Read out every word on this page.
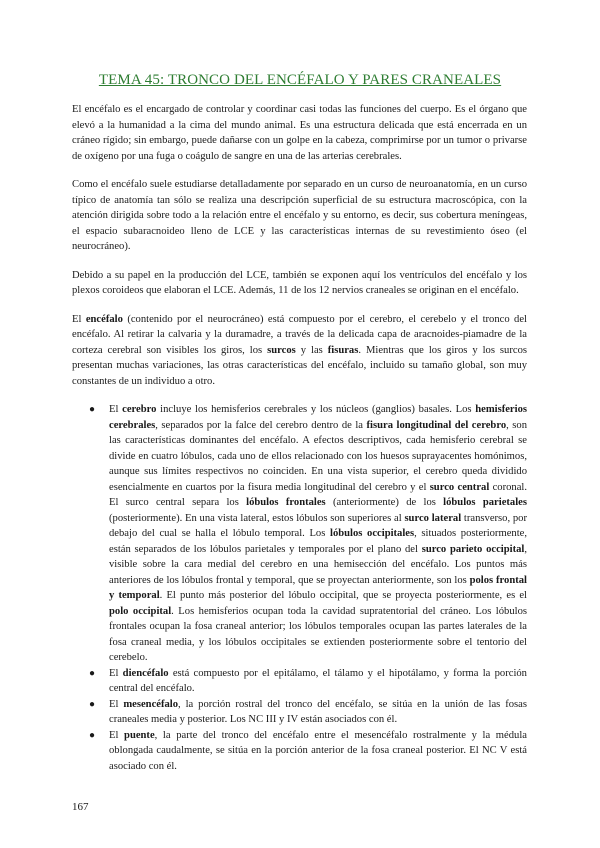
TEMA 45: TRONCO DEL ENCÉFALO Y PARES CRANEALES

El encéfalo es el encargado de controlar y coordinar casi todas las funciones del cuerpo. Es el órgano que elevó a la humanidad a la cima del mundo animal. Es una estructura delicada que está encerrada en un cráneo rígido; sin embargo, puede dañarse con un golpe en la cabeza, comprimirse por un tumor o privarse de oxígeno por una fuga o coágulo de sangre en una de las arterias cerebrales.

Como el encéfalo suele estudiarse detalladamente por separado en un curso de neuroanatomía, en un curso típico de anatomía tan sólo se realiza una descripción superficial de su estructura macroscópica, con la atención dirigida sobre todo a la relación entre el encéfalo y su entorno, es decir, sus cobertura meníngeas, el espacio subaracnoideo lleno de LCE y las características internas de su revestimiento óseo (el neurocráneo).

Debido a su papel en la producción del LCE, también se exponen aquí los ventrículos del encéfalo y los plexos coroideos que elaboran el LCE. Además, 11 de los 12 nervios craneales se originan en el encéfalo.

El encéfalo (contenido por el neurocráneo) está compuesto por el cerebro, el cerebelo y el tronco del encéfalo. Al retirar la calvaria y la duramadre, a través de la delicada capa de aracnoides-piamadre de la corteza cerebral son visibles los giros, los surcos y las fisuras. Mientras que los giros y los surcos presentan muchas variaciones, las otras características del encéfalo, incluido su tamaño global, son muy constantes de un individuo a otro.

● El cerebro incluye los hemisferios cerebrales y los núcleos (ganglios) basales. Los hemisferios cerebrales, separados por la falce del cerebro dentro de la fisura longitudinal del cerebro, son las características dominantes del encéfalo. A efectos descriptivos, cada hemisferio cerebral se divide en cuatro lóbulos, cada uno de ellos relacionado con los huesos suprayacentes homónimos, aunque sus límites respectivos no coinciden. En una vista superior, el cerebro queda dividido esencialmente en cuartos por la fisura media longitudinal del cerebro y el surco central coronal. El surco central separa los lóbulos frontales (anteriormente) de los lóbulos parietales (posteriormente). En una vista lateral, estos lóbulos son superiores al surco lateral transverso, por debajo del cual se halla el lóbulo temporal. Los lóbulos occipitales, situados posteriormente, están separados de los lóbulos parietales y temporales por el plano del surco parieto occipital, visible sobre la cara medial del cerebro en una hemisección del encéfalo. Los puntos más anteriores de los lóbulos frontal y temporal, que se proyectan anteriormente, son los polos frontal y temporal. El punto más posterior del lóbulo occipital, que se proyecta posteriormente, es el polo occipital. Los hemisferios ocupan toda la cavidad supratentorial del cráneo. Los lóbulos frontales ocupan la fosa craneal anterior; los lóbulos temporales ocupan las partes laterales de la fosa craneal media, y los lóbulos occipitales se extienden posteriormente sobre el tentorio del cerebelo.
● El diencéfalo está compuesto por el epitálamo, el tálamo y el hipotálamo, y forma la porción central del encéfalo.
● El mesencéfalo, la porción rostral del tronco del encéfalo, se sitúa en la unión de las fosas craneales media y posterior. Los NC III y IV están asociados con él.
● El puente, la parte del tronco del encéfalo entre el mesencéfalo rostralmente y la médula oblongada caudalmente, se sitúa en la porción anterior de la fosa craneal posterior. El NC V está asociado con él.
167
